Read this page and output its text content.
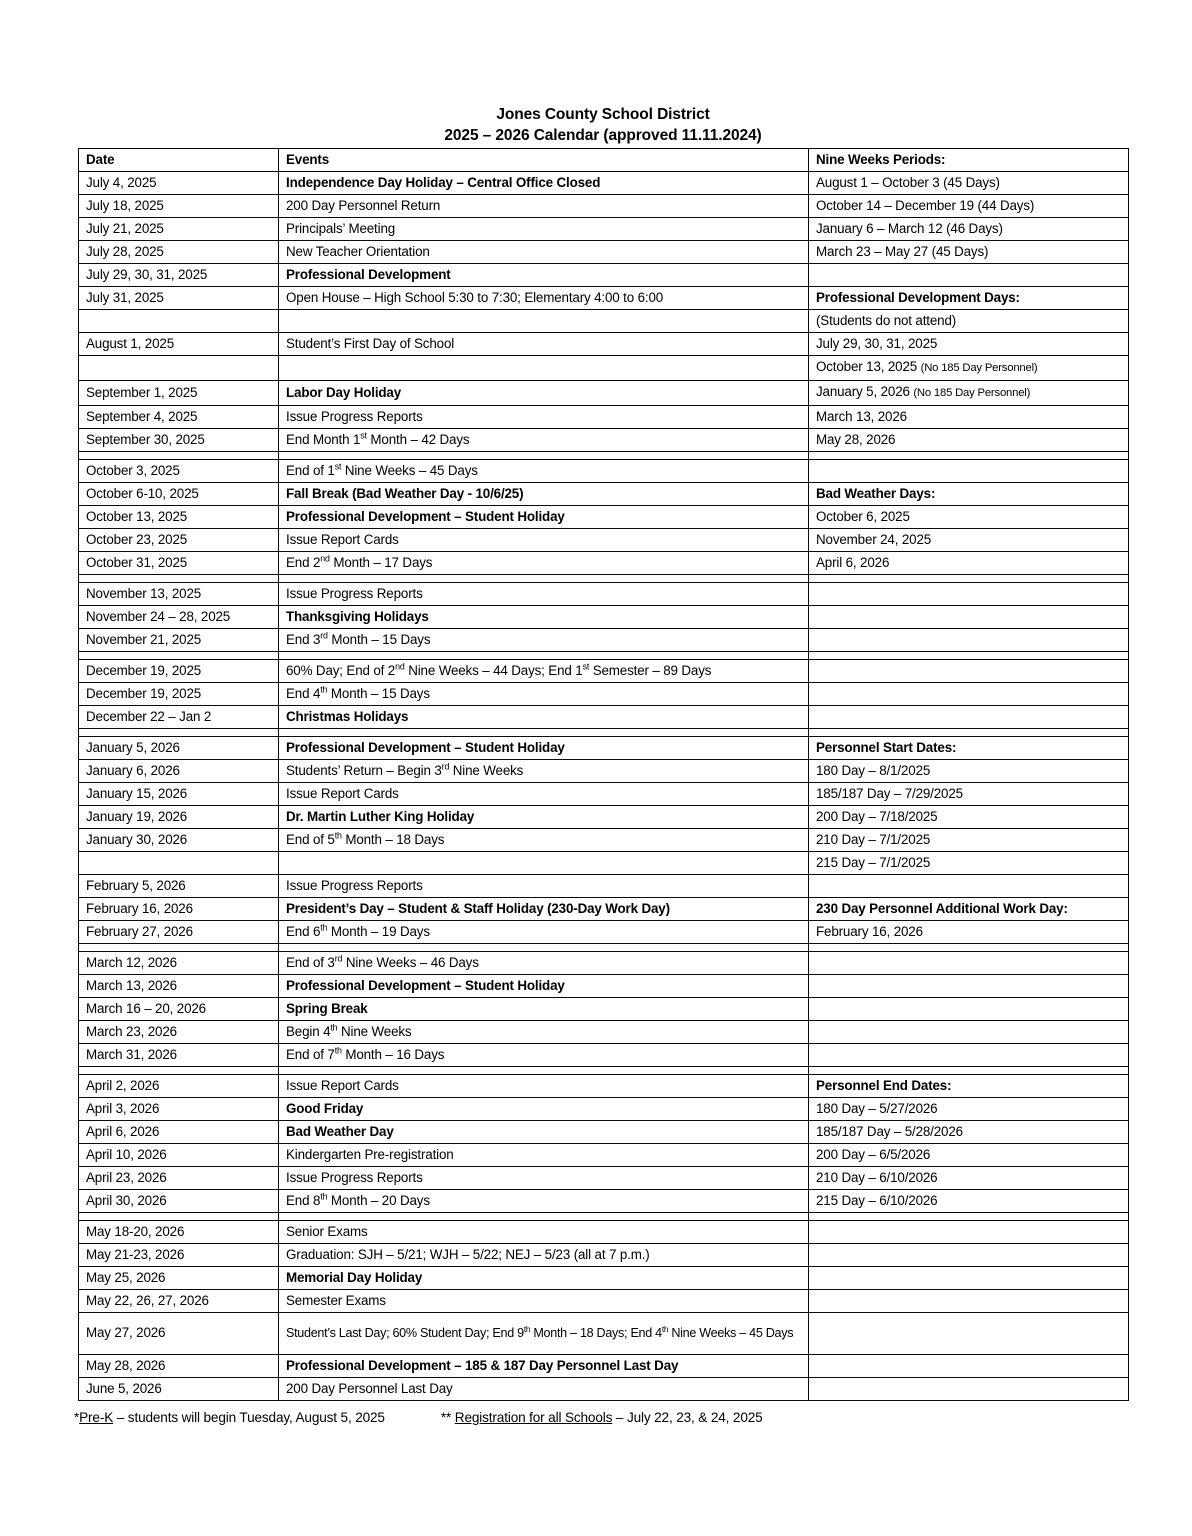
Jones County School District
2025 – 2026 Calendar (approved 11.11.2024)
Date	Events	Nine Weeks Periods:
July 4, 2025	Independence Day Holiday – Central Office Closed	August 1 – October 3 (45 Days)
July 18, 2025	200 Day Personnel Return	October 14 – December 19 (44 Days)
July 21, 2025	Principals’ Meeting	January 6 – March 12 (46 Days)
July 28, 2025	New Teacher Orientation	March 23 – May 27 (45 Days)
July 29, 30, 31, 2025	Professional Development	
July 31, 2025	Open House – High School 5:30 to 7:30; Elementary 4:00 to 6:00	Professional Development Days:
		(Students do not attend)
August 1, 2025	Student’s First Day of School	July 29, 30, 31, 2025
		October 13, 2025 (No 185 Day Personnel)
September 1, 2025	Labor Day Holiday	January 5, 2026 (No 185 Day Personnel)
September 4, 2025	Issue Progress Reports	March 13, 2026
September 30, 2025	End Month 1st Month – 42 Days	May 28, 2026

October 3, 2025	End of 1st Nine Weeks – 45 Days	
October 6-10, 2025	Fall Break (Bad Weather Day - 10/6/25)	Bad Weather Days:
October 13, 2025	Professional Development – Student Holiday	October 6, 2025
October 23, 2025	Issue Report Cards	November 24, 2025
October 31, 2025	End 2nd Month – 17 Days	April 6, 2026

November 13, 2025	Issue Progress Reports	
November 24 – 28, 2025	Thanksgiving Holidays	
November 21, 2025	End 3rd Month – 15 Days	

December 19, 2025	60% Day; End of 2nd Nine Weeks – 44 Days; End 1st Semester – 89 Days	
December 19, 2025	End 4th Month – 15 Days	
December 22 – Jan 2	Christmas Holidays	

January 5, 2026	Professional Development – Student Holiday	Personnel Start Dates:
January 6, 2026	Students’ Return – Begin 3rd Nine Weeks	180 Day – 8/1/2025
January 15, 2026	Issue Report Cards	185/187 Day – 7/29/2025
January 19, 2026	Dr. Martin Luther King Holiday	200 Day – 7/18/2025
January 30, 2026	End of 5th Month – 18 Days	210 Day – 7/1/2025
		215 Day – 7/1/2025
February 5, 2026	Issue Progress Reports	
February 16, 2026	President’s Day – Student & Staff Holiday (230-Day Work Day)	230 Day Personnel Additional Work Day:
February 27, 2026	End 6th Month – 19 Days	February 16, 2026

March 12, 2026	End of 3rd Nine Weeks – 46 Days	
March 13, 2026	Professional Development – Student Holiday	
March 16 – 20, 2026	Spring Break	
March 23, 2026	Begin 4th Nine Weeks	
March 31, 2026	End of 7th Month – 16 Days	

April 2, 2026	Issue Report Cards	Personnel End Dates:
April 3, 2026	Good Friday	180 Day – 5/27/2026
April 6, 2026	Bad Weather Day	185/187 Day – 5/28/2026
April 10, 2026	Kindergarten Pre-registration	200 Day – 6/5/2026
April 23, 2026	Issue Progress Reports	210 Day – 6/10/2026
April 30, 2026	End 8th Month – 20 Days	215 Day – 6/10/2026

May 18-20, 2026	Senior Exams	
May 21-23, 2026	Graduation: SJH – 5/21; WJH – 5/22; NEJ – 5/23 (all at 7 p.m.)	
May 25, 2026	Memorial Day Holiday	
May 22, 26, 27, 2026	Semester Exams	
May 27, 2026	Student’s Last Day; 60% Student Day; End 9th Month – 18 Days; End 4th Nine Weeks – 45 Days	
May 28, 2026	Professional Development – 185 & 187 Day Personnel Last Day	
June 5, 2026	200 Day Personnel Last Day	
*Pre-K – students will begin Tuesday, August 5, 2025	** Registration for all Schools – July 22, 23, & 24, 2025
